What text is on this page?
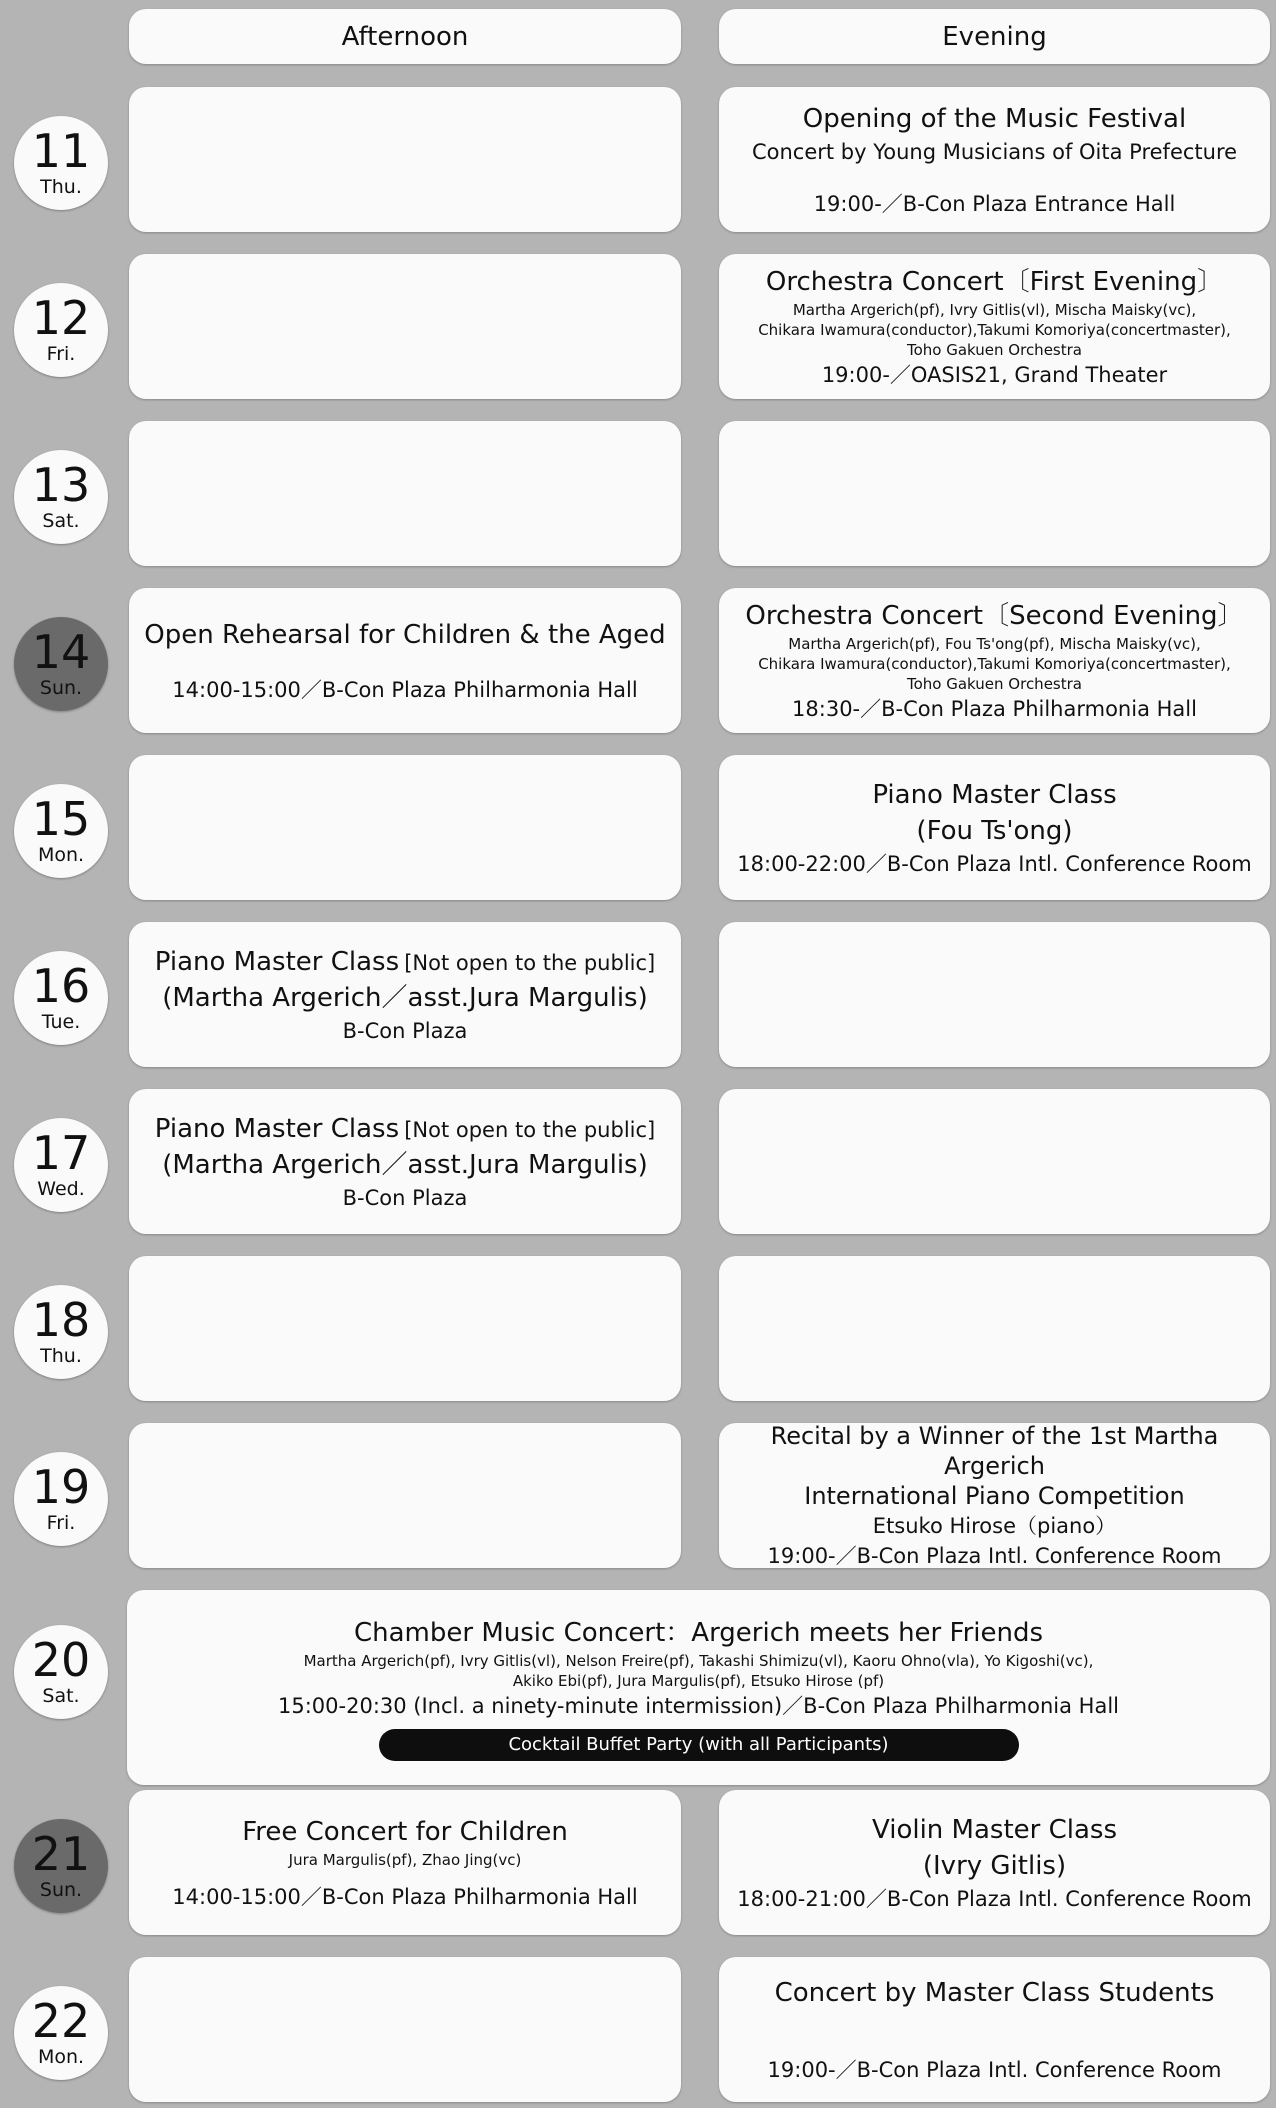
Afternoon	Evening
11
Thu.
Opening of the Music Festival
Concert by Young Musicians of Oita Prefecture
19:00-／B-Con Plaza Entrance Hall
12
Fri.
Orchestra Concert〔First Evening〕
Martha Argerich(pf), Ivry Gitlis(vl), Mischa Maisky(vc),
Chikara Iwamura(conductor),Takumi Komoriya(concertmaster),
Toho Gakuen Orchestra
19:00-／OASIS21, Grand Theater
13
Sat.
14
Sun.
Open Rehearsal for Children & the Aged
14:00-15:00／B-Con Plaza Philharmonia Hall
Orchestra Concert〔Second Evening〕
Martha Argerich(pf), Fou Ts'ong(pf), Mischa Maisky(vc),
Chikara Iwamura(conductor),Takumi Komoriya(concertmaster),
Toho Gakuen Orchestra
18:30-／B-Con Plaza Philharmonia Hall
15
Mon.
Piano Master Class
(Fou Ts'ong)
18:00-22:00／B-Con Plaza Intl. Conference Room
16
Tue.
Piano Master Class [Not open to the public]
(Martha Argerich／asst.Jura Margulis)
B-Con Plaza
17
Wed.
Piano Master Class [Not open to the public]
(Martha Argerich／asst.Jura Margulis)
B-Con Plaza
18
Thu.
19
Fri.
Recital by a Winner of the 1st Martha Argerich
International Piano Competition
Etsuko Hirose（piano）
19:00-／B-Con Plaza Intl. Conference Room
20
Sat.
Chamber Music Concert：Argerich meets her Friends
Martha Argerich(pf), Ivry Gitlis(vl), Nelson Freire(pf), Takashi Shimizu(vl), Kaoru Ohno(vla), Yo Kigoshi(vc),
Akiko Ebi(pf), Jura Margulis(pf), Etsuko Hirose (pf)
15:00-20:30 (Incl. a ninety-minute intermission)／B-Con Plaza Philharmonia Hall
Cocktail Buffet Party (with all Participants)
21
Sun.
Free Concert for Children
Jura Margulis(pf), Zhao Jing(vc)
14:00-15:00／B-Con Plaza Philharmonia Hall
Violin Master Class
(Ivry Gitlis)
18:00-21:00／B-Con Plaza Intl. Conference Room
22
Mon.
Concert by Master Class Students
19:00-／B-Con Plaza Intl. Conference Room
